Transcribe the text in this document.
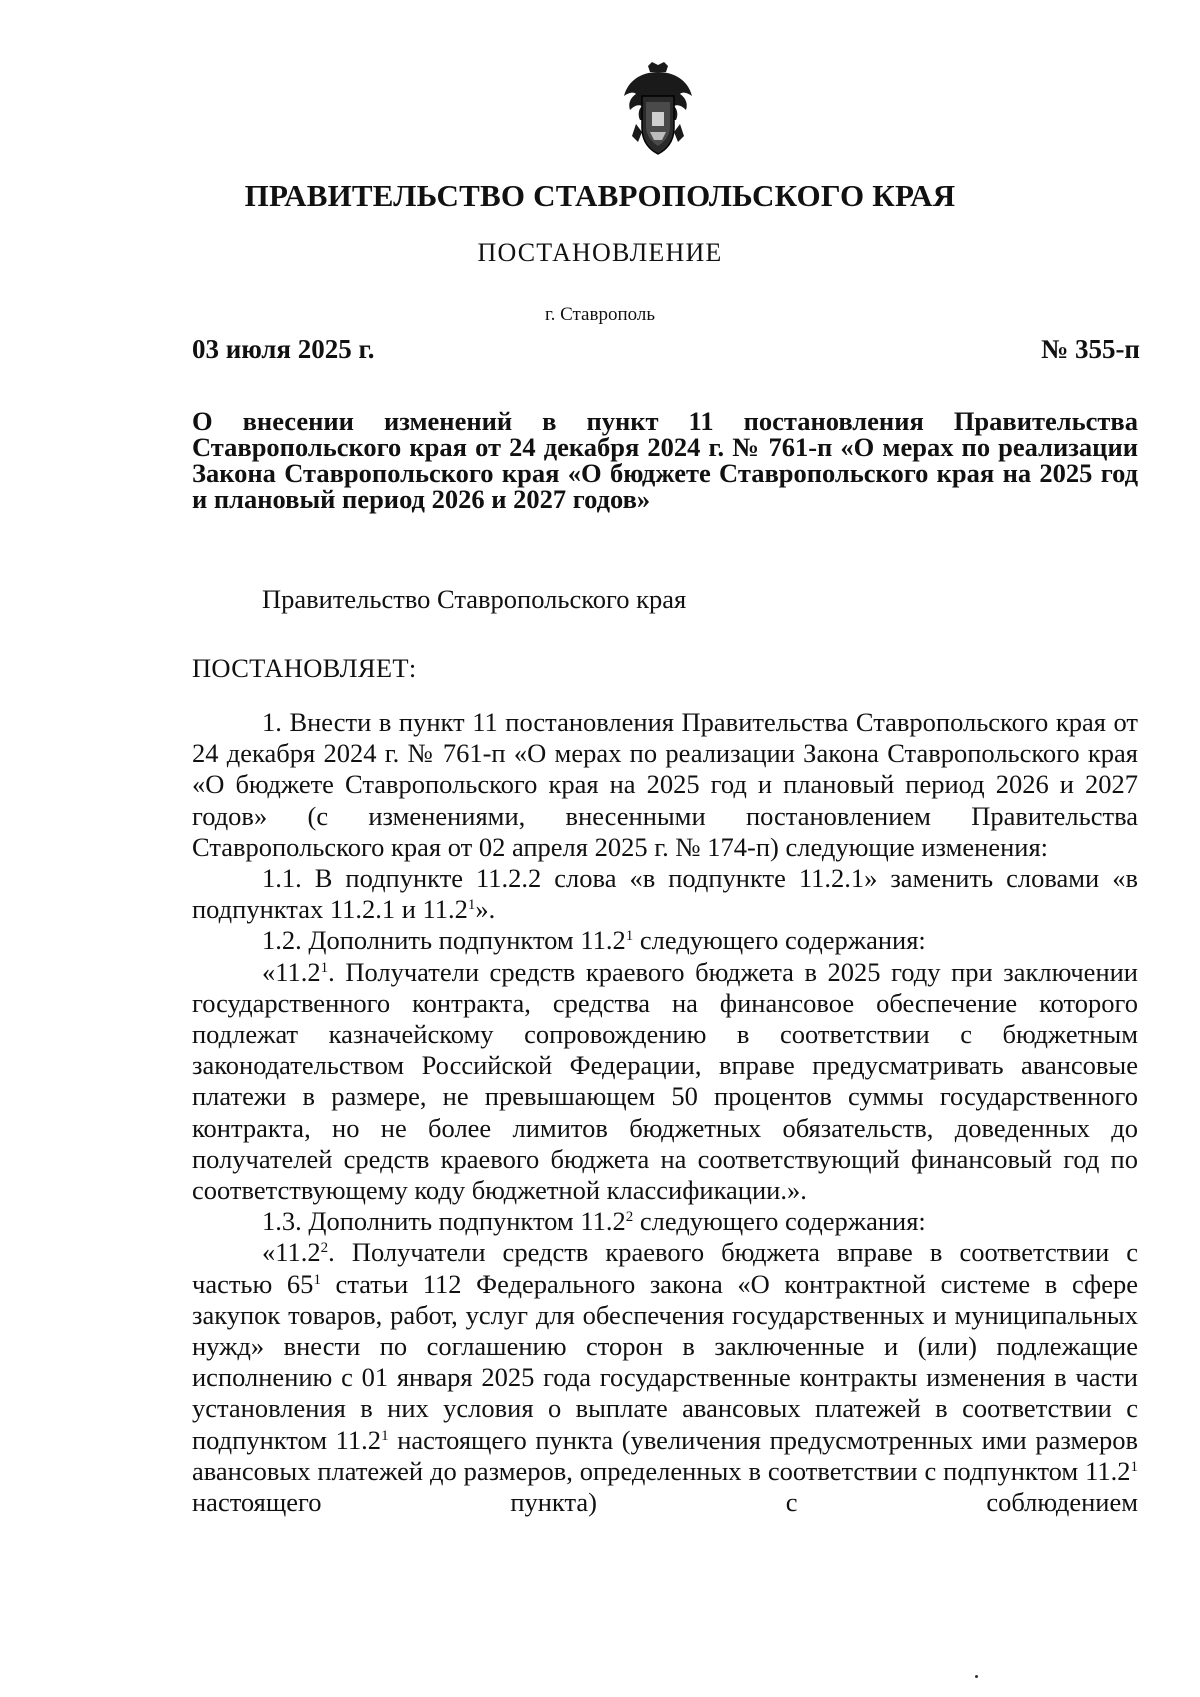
ПРАВИТЕЛЬСТВО СТАВРОПОЛЬСКОГО КРАЯ
ПОСТАНОВЛЕНИЕ
г. Ставрополь
03 июля 2025 г.	№ 355-п
О внесении изменений в пункт 11 постановления Правительства Ставропольского края от 24 декабря 2024 г. № 761-п «О мерах по реализации Закона Ставропольского края «О бюджете Ставропольского края на 2025 год и плановый период 2026 и 2027 годов»
Правительство Ставропольского края
ПОСТАНОВЛЯЕТ:

1. Внести в пункт 11 постановления Правительства Ставропольского края от 24 декабря 2024 г. № 761-п «О мерах по реализации Закона Ставропольского края «О бюджете Ставропольского края на 2025 год и плановый период 2026 и 2027 годов» (с изменениями, внесенными постановлением Правительства Ставропольского края от 02 апреля 2025 г. № 174-п) следующие изменения:

1.1. В подпункте 11.2.2 слова «в подпункте 11.2.1» заменить словами «в подпунктах 11.2.1 и 11.2$^1$».

1.2. Дополнить подпунктом 11.2$^1$ следующего содержания:

«11.2$^1$. Получатели средств краевого бюджета в 2025 году при заключении государственного контракта, средства на финансовое обеспечение которого подлежат казначейскому сопровождению в соответствии с бюджетным законодательством Российской Федерации, вправе предусматривать авансовые платежи в размере, не превышающем 50 процентов суммы государственного контракта, но не более лимитов бюджетных обязательств, доведенных до получателей средств краевого бюджета на соответствующий финансовый год по соответствующему коду бюджетной классификации.».

1.3. Дополнить подпунктом 11.2$^2$ следующего содержания:

«11.2$^2$. Получатели средств краевого бюджета вправе в соответствии с частью $65^1$ статьи 112 Федерального закона «О контрактной системе в сфере закупок товаров, работ, услуг для обеспечения государственных и муниципальных нужд» внести по соглашению сторон в заключенные и (или) подлежащие исполнению с 01 января 2025 года государственные контракты изменения в части установления в них условия о выплате авансовых платежей в соответствии с подпунктом 11.2$^1$ настоящего пункта (увеличения предусмотренных ими размеров авансовых платежей до размеров, определенных в соответствии с подпунктом 11.2$^1$ настоящего пункта) с соблюдением
